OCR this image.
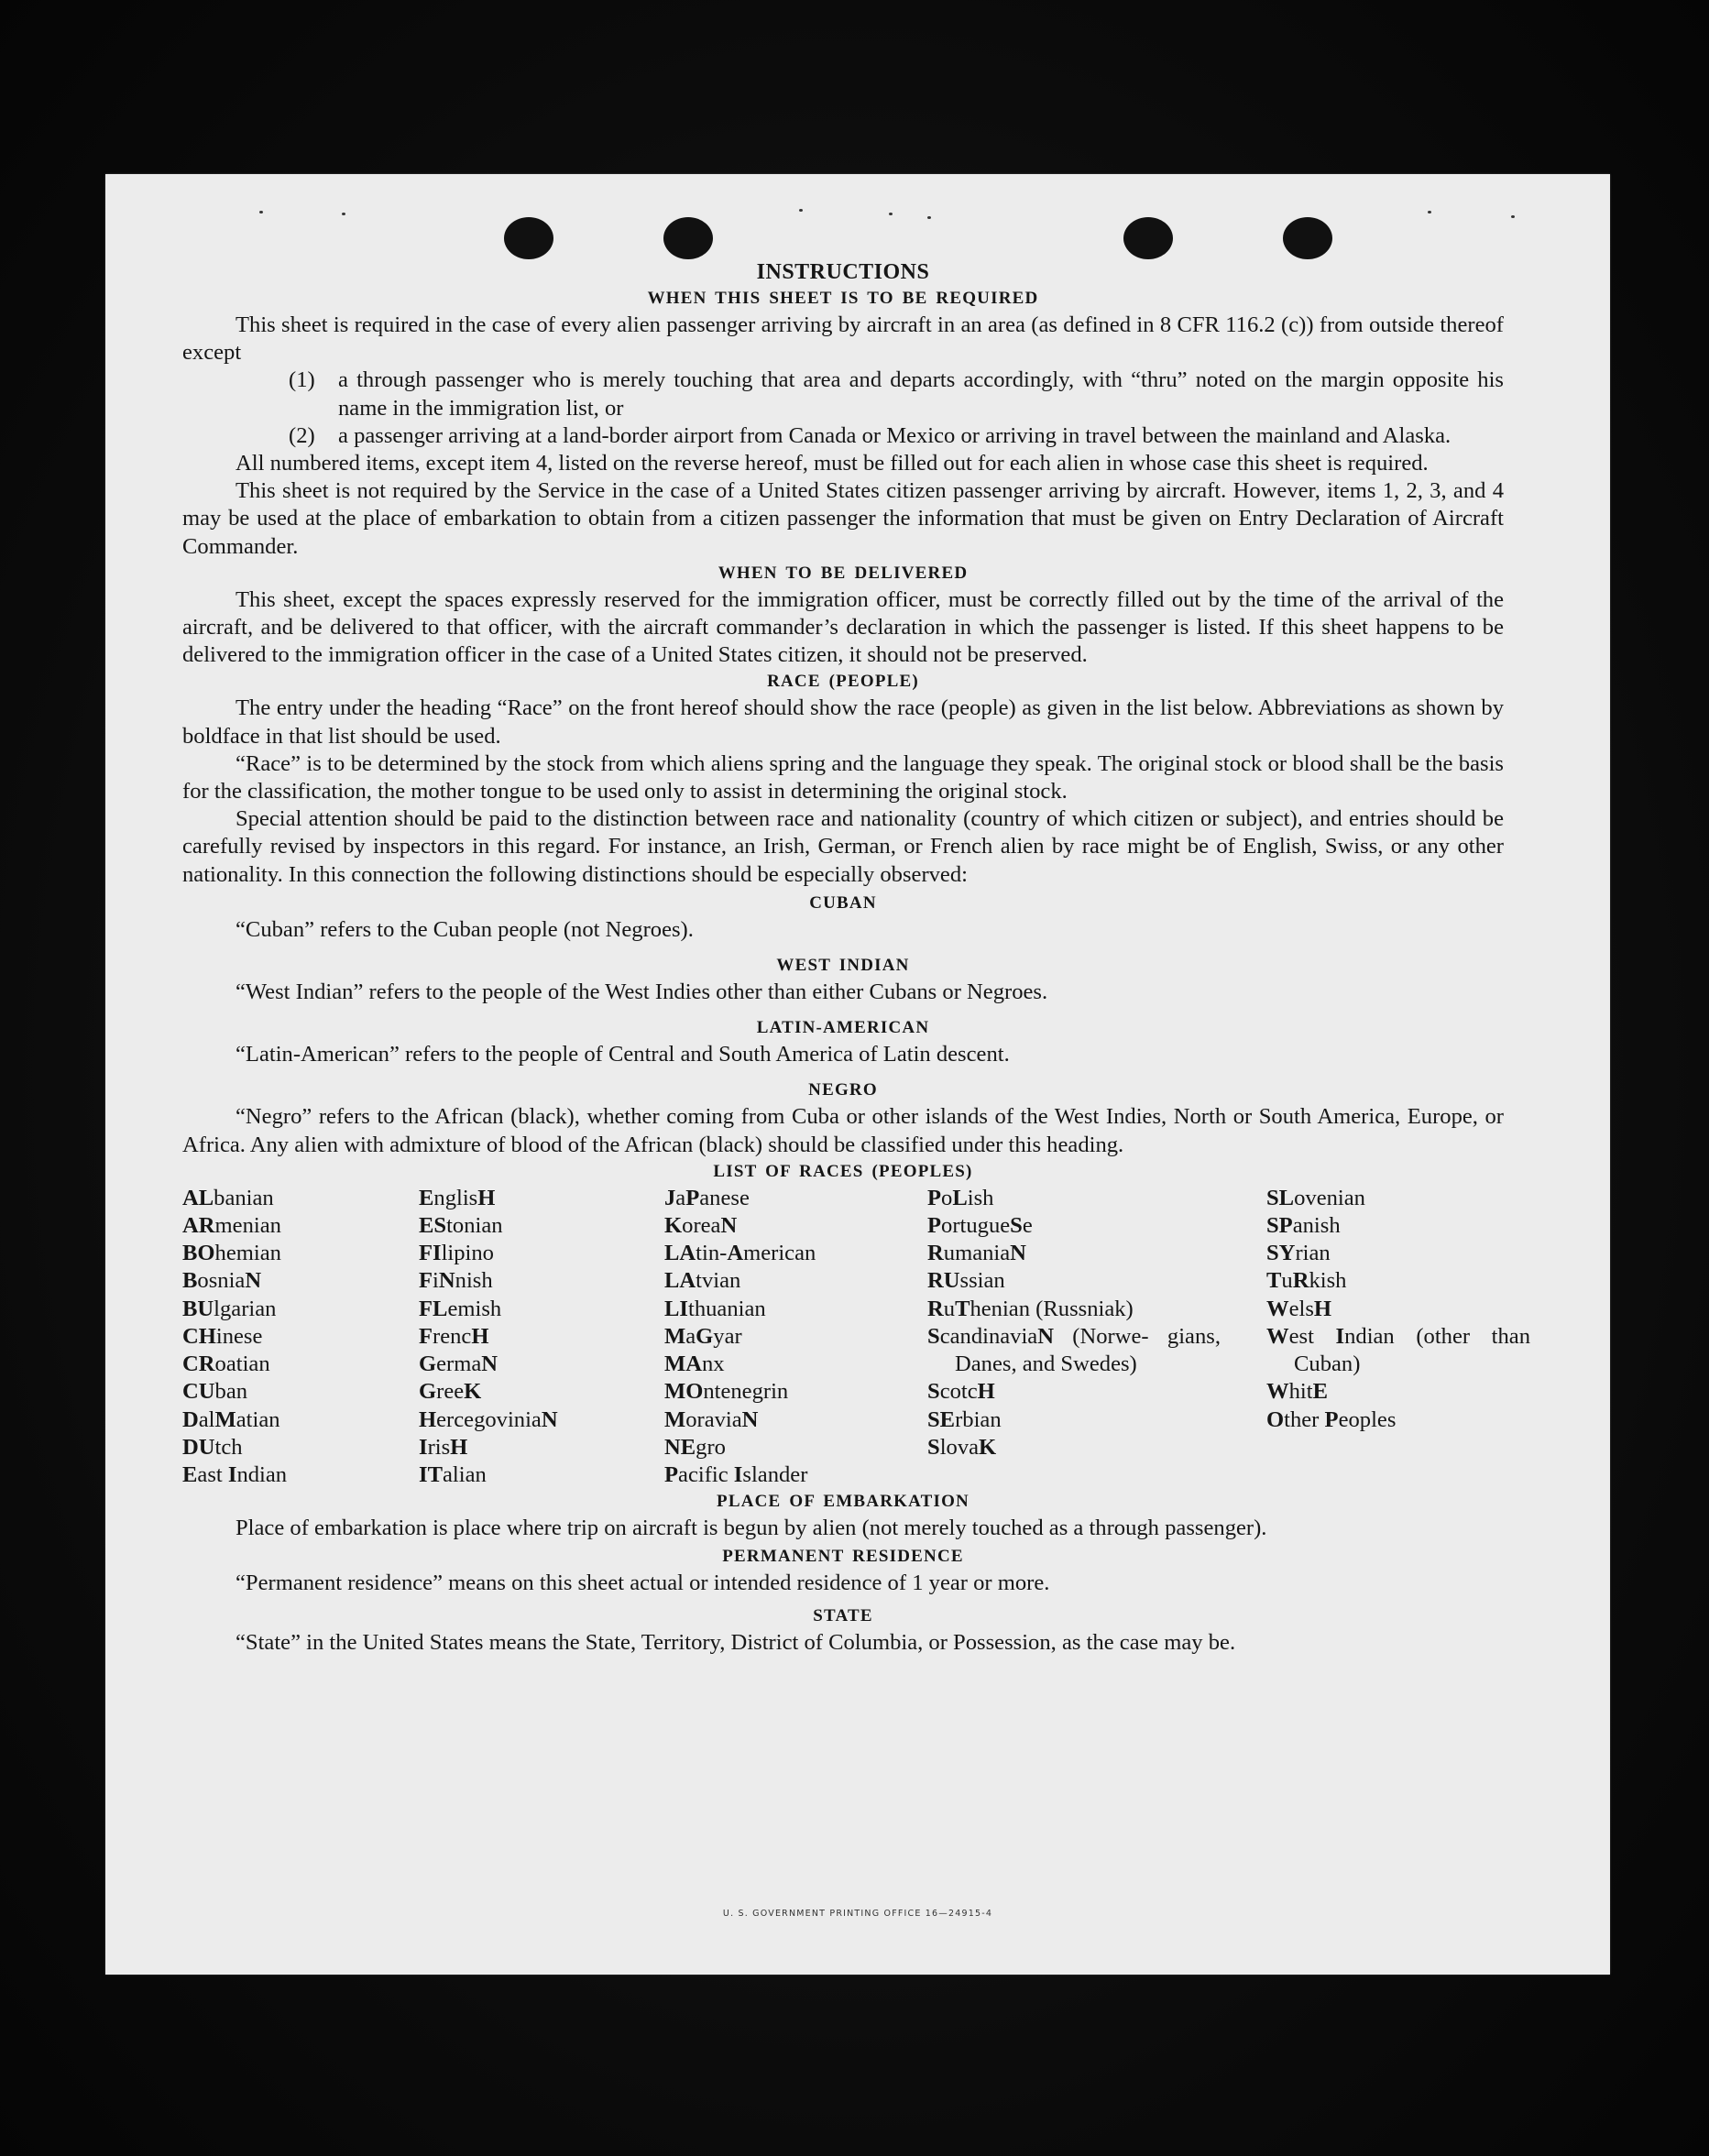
INSTRUCTIONS
WHEN THIS SHEET IS TO BE REQUIRED

This sheet is required in the case of every alien passenger arriving by aircraft in an area (as defined in 8 CFR 116.2 (c)) from outside thereof except

(1)	a through passenger who is merely touching that area and departs accordingly, with “thru” noted on the margin opposite his name in the immigration list, or
(2)	a passenger arriving at a land-border airport from Canada or Mexico or arriving in travel between the mainland and Alaska.

All numbered items, except item 4, listed on the reverse hereof, must be filled out for each alien in whose case this sheet is required.

This sheet is not required by the Service in the case of a United States citizen passenger arriving by aircraft. However, items 1, 2, 3, and 4 may be used at the place of embarkation to obtain from a citizen passenger the information that must be given on Entry Declaration of Aircraft Commander.

WHEN TO BE DELIVERED

This sheet, except the spaces expressly reserved for the immigration officer, must be correctly filled out by the time of the arrival of the aircraft, and be delivered to that officer, with the aircraft commander’s declaration in which the passenger is listed. If this sheet happens to be delivered to the immigration officer in the case of a United States citizen, it should not be preserved.

RACE (PEOPLE)

The entry under the heading “Race” on the front hereof should show the race (people) as given in the list below. Abbreviations as shown by boldface in that list should be used.

“Race” is to be determined by the stock from which aliens spring and the language they speak. The original stock or blood shall be the basis for the classification, the mother tongue to be used only to assist in determining the original stock.

Special attention should be paid to the distinction between race and nationality (country of which citizen or subject), and entries should be carefully revised by inspectors in this regard. For instance, an Irish, German, or French alien by race might be of English, Swiss, or any other nationality. In this connection the following distinctions should be especially observed:

CUBAN

“Cuban” refers to the Cuban people (not Negroes).

WEST INDIAN

“West Indian” refers to the people of the West Indies other than either Cubans or Negroes.

LATIN-AMERICAN

“Latin-American” refers to the people of Central and South America of Latin descent.

NEGRO

“Negro” refers to the African (black), whether coming from Cuba or other islands of the West Indies, North or South America, Europe, or Africa. Any alien with admixture of blood of the African (black) should be classified under this heading.

LIST OF RACES (PEOPLES)
ALbanian
ARmenian
BOhemian
BosniaN
BUlgarian
CHinese
CRoatian
CUban
DalMatian
DUtch
East Indian
EnglisH
EStonian
FIlipino
FiNnish
FLemish
FrencH
GermaN
GreeK
HercegoviniaN
IrisH
ITalian
JaPanese
KoreaN
LAtin-American
LAtvian
LIthuanian
MaGyar
MAnx
MOntenegrin
MoraviaN
NEgro
Pacific Islander
PoLish
PortugueSe
RumaniaN
RUssian
RuThenian (Russniak)
ScandinaviaN (Norwe- gians, Danes, and Swedes)
ScotcH
SErbian
SlovaK
SLovenian
SPanish
SYrian
TuRkish
WelsH
West Indian (other than Cuban)
WhitE
Other Peoples
PLACE OF EMBARKATION

Place of embarkation is place where trip on aircraft is begun by alien (not merely touched as a through passenger).

PERMANENT RESIDENCE

“Permanent residence” means on this sheet actual or intended residence of 1 year or more.

STATE

“State” in the United States means the State, Territory, District of Columbia, or Possession, as the case may be.

U. S. GOVERNMENT PRINTING OFFICE 16—24915-4
